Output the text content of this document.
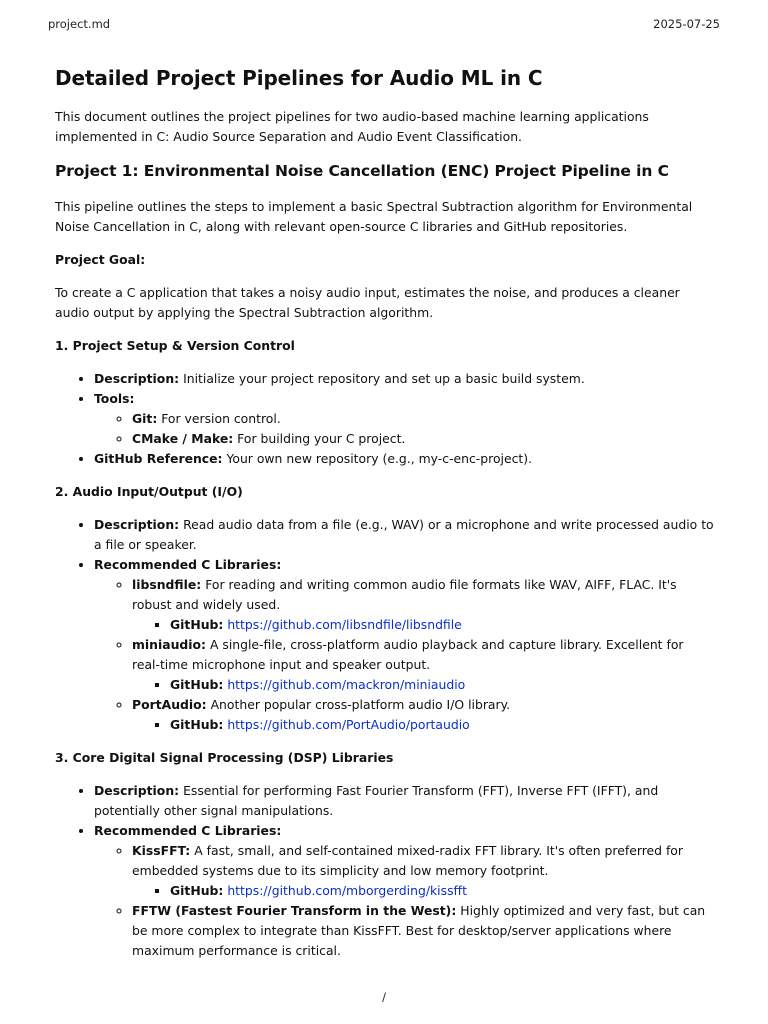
project.md	2025-07-25
Detailed Project Pipelines for Audio ML in C

This document outlines the project pipelines for two audio-based machine learning applications implemented in C: Audio Source Separation and Audio Event Classification.

Project 1: Environmental Noise Cancellation (ENC) Project Pipeline in C

This pipeline outlines the steps to implement a basic Spectral Subtraction algorithm for Environmental Noise Cancellation in C, along with relevant open-source C libraries and GitHub repositories.

Project Goal:

To create a C application that takes a noisy audio input, estimates the noise, and produces a cleaner audio output by applying the Spectral Subtraction algorithm.

1. Project Setup & Version Control

• Description: Initialize your project repository and set up a basic build system.
• Tools:
◦ Git: For version control.
◦ CMake / Make: For building your C project.
• GitHub Reference: Your own new repository (e.g., my-c-enc-project).

2. Audio Input/Output (I/O)

• Description: Read audio data from a file (e.g., WAV) or a microphone and write processed audio to a file or speaker.
• Recommended C Libraries:
◦ libsndfile: For reading and writing common audio file formats like WAV, AIFF, FLAC. It's robust and widely used.
▪ GitHub: https://github.com/libsndfile/libsndfile
◦ miniaudio: A single-file, cross-platform audio playback and capture library. Excellent for real-time microphone input and speaker output.
▪ GitHub: https://github.com/mackron/miniaudio
◦ PortAudio: Another popular cross-platform audio I/O library.
▪ GitHub: https://github.com/PortAudio/portaudio

3. Core Digital Signal Processing (DSP) Libraries

• Description: Essential for performing Fast Fourier Transform (FFT), Inverse FFT (IFFT), and potentially other signal manipulations.
• Recommended C Libraries:
◦ KissFFT: A fast, small, and self-contained mixed-radix FFT library. It's often preferred for embedded systems due to its simplicity and low memory footprint.
▪ GitHub: https://github.com/mborgerding/kissfft
◦ FFTW (Fastest Fourier Transform in the West): Highly optimized and very fast, but can be more complex to integrate than KissFFT. Best for desktop/server applications where maximum performance is critical.
/
